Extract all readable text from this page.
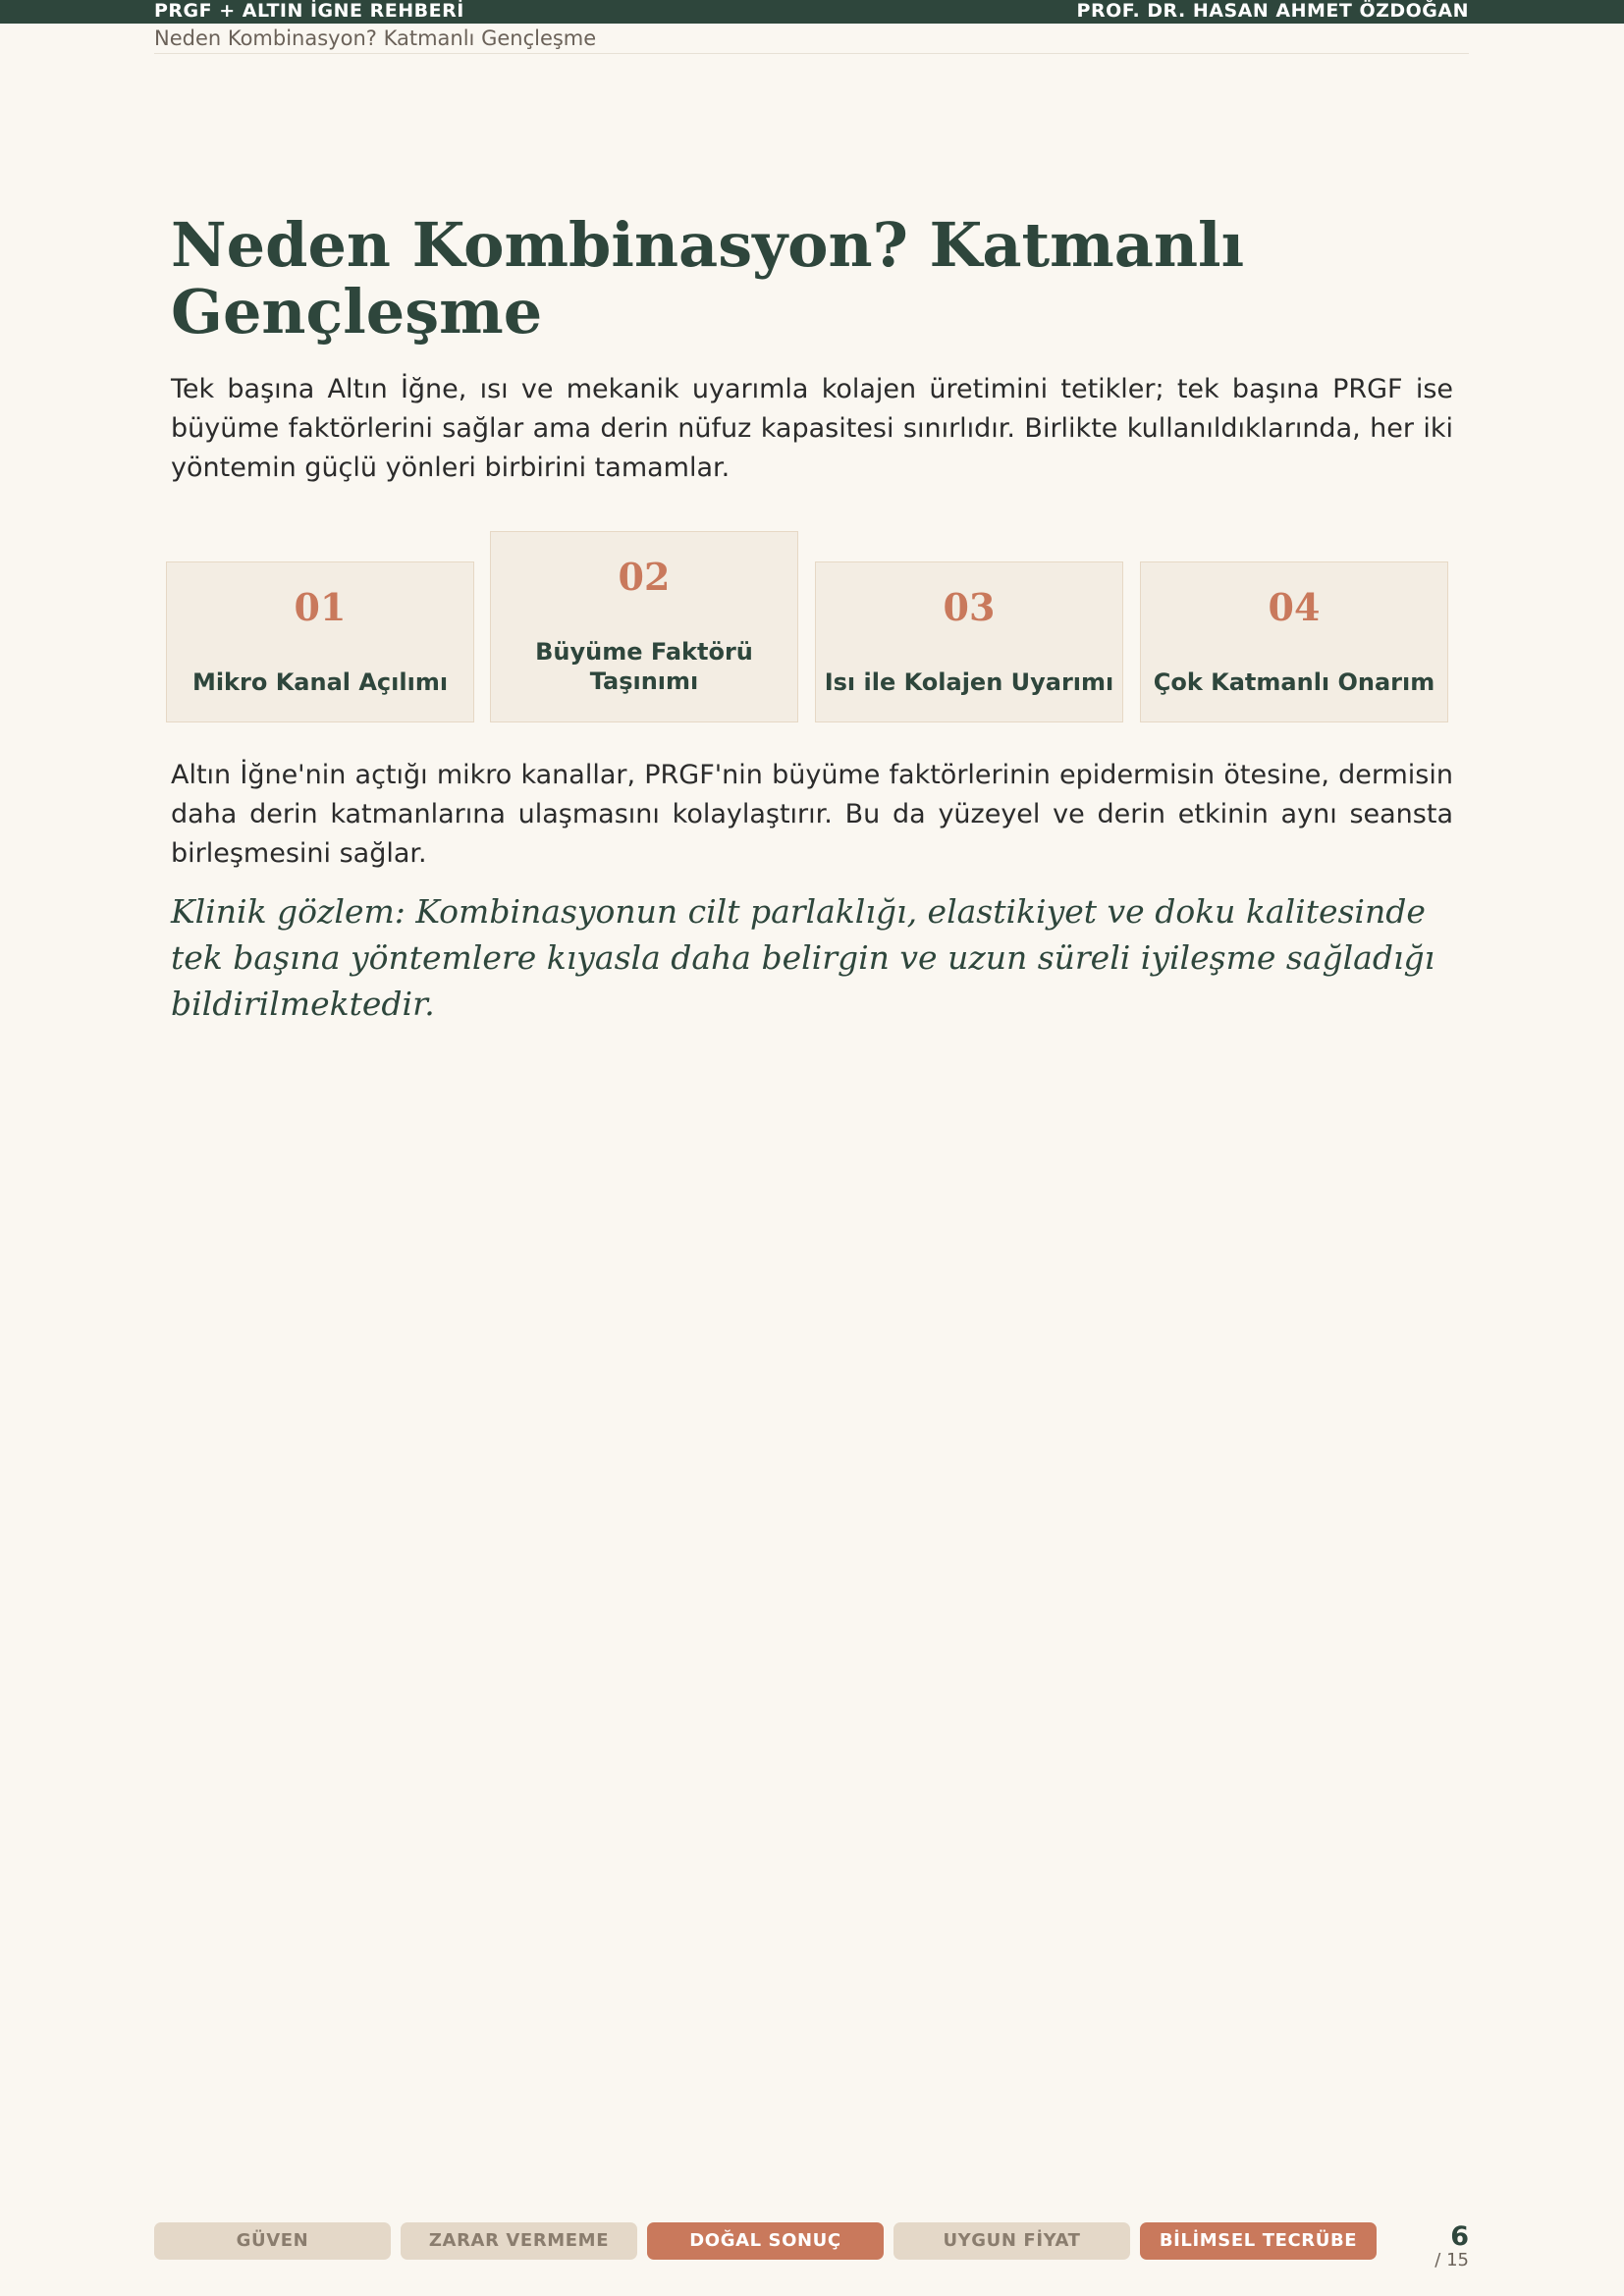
PRGF + ALTIN İGNE REHBERİ	PROF. DR. HASAN AHMET ÖZDOĞAN
Neden Kombinasyon? Katmanlı Gençleşme
Neden Kombinasyon? Katmanlı Gençleşme

Tek başına Altın İğne, ısı ve mekanik uyarımla kolajen üretimini tetikler; tek başına PRGF ise büyüme faktörlerini sağlar ama derin nüfuz kapasitesi sınırlıdır. Birlikte kullanıldıklarında, her iki yöntemin güçlü yönleri birbirini tamamlar.

01
Mikro Kanal Açılımı
02
Büyüme Faktörü Taşınımı
03
Isı ile Kolajen Uyarımı
04
Çok Katmanlı Onarım

Altın İğne'nin açtığı mikro kanallar, PRGF'nin büyüme faktörlerinin epidermisin ötesine, dermisin daha derin katmanlarına ulaşmasını kolaylaştırır. Bu da yüzeyel ve derin etkinin aynı seansta birleşmesini sağlar.

Klinik gözlem: Kombinasyonun cilt parlaklığı, elastikiyet ve doku kalitesinde tek başına yöntemlere kıyasla daha belirgin ve uzun süreli iyileşme sağladığı bildirilmektedir.

GÜVEN	ZARAR VERMEME	DOĞAL SONUÇ	UYGUN FİYAT	BİLİMSEL TECRÜBE	6
/ 15
